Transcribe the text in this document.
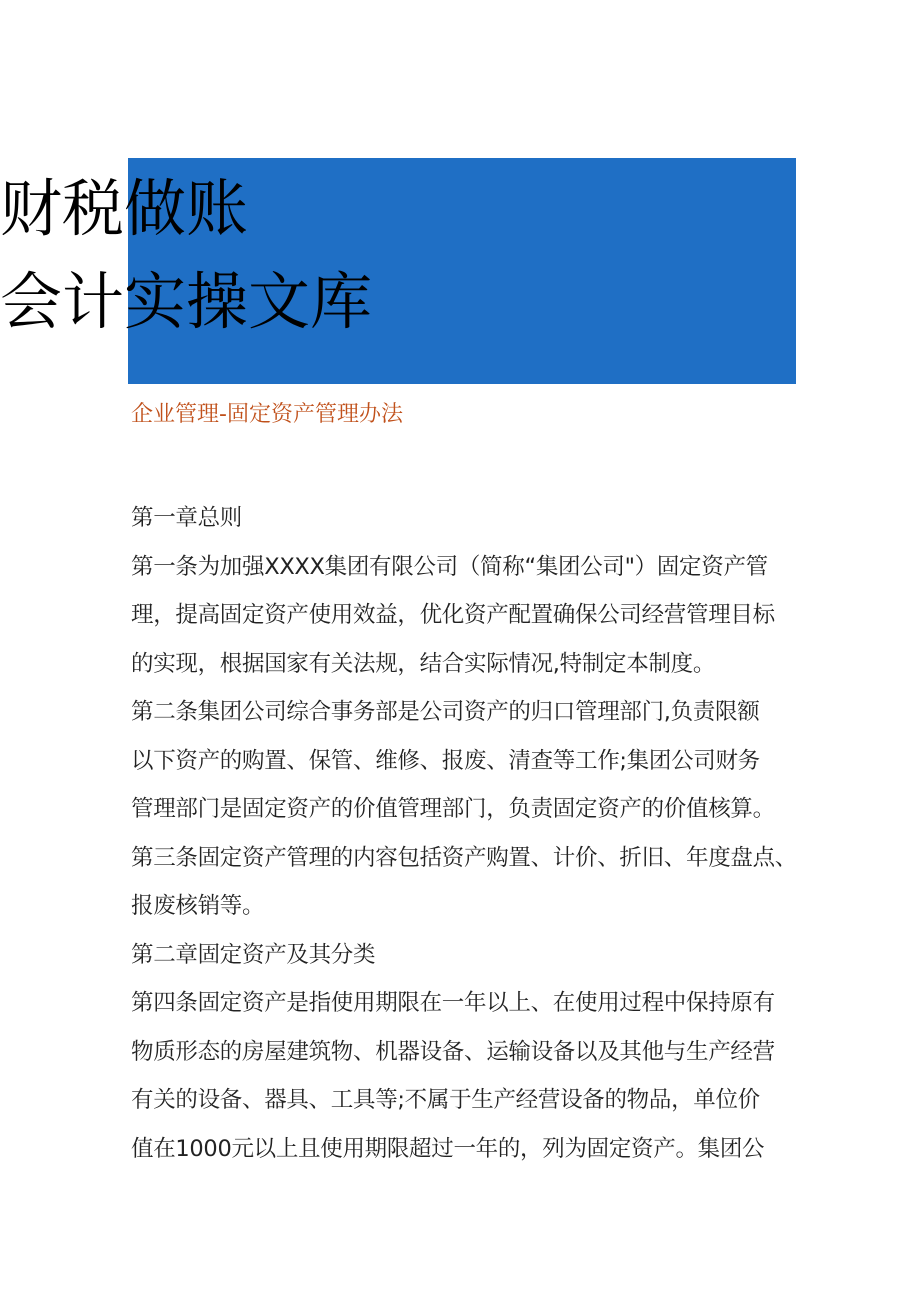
财税做账
会计实操文库
企业管理-固定资产管理办法

第一章总则

第一条为加强XXXX集团有限公司（简称“集团公司"）固定资产管
理，提高固定资产使用效益，优化资产配置确保公司经营管理目标
的实现，根据国家有关法规，结合实际情况,特制定本制度。

第二条集团公司综合事务部是公司资产的归口管理部门,负责限额
以下资产的购置、保管、维修、报废、清查等工作;集团公司财务
管理部门是固定资产的价值管理部门，负责固定资产的价值核算。

第三条固定资产管理的内容包括资产购置、计价、折旧、年度盘点、
报废核销等。

第二章固定资产及其分类

第四条固定资产是指使用期限在一年以上、在使用过程中保持原有
物质形态的房屋建筑物、机器设备、运输设备以及其他与生产经营
有关的设备、器具、工具等;不属于生产经营设备的物品，单位价
值在1000元以上且使用期限超过一年的，列为固定资产。集团公
